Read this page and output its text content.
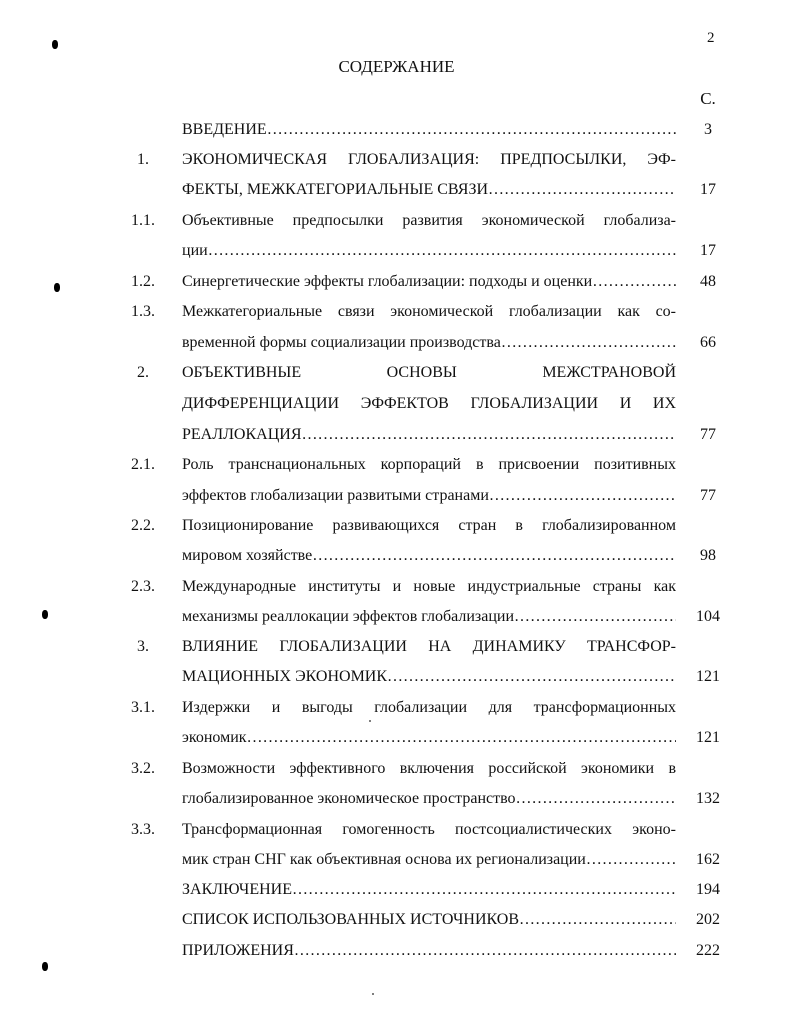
2
СОДЕРЖАНИЕ
С.
ВВЕДЕНИЕ …………………………………………………………………………………………………………………………………………………	3
1.	ЭКОНОМИЧЕСКАЯ ГЛОБАЛИЗАЦИЯ: ПРЕДПОСЫЛКИ, ЭФ-
ФЕКТЫ, МЕЖКАТЕГОРИАЛЬНЫЕ СВЯЗИ …………………………………………………………………………………………………………………………………………………	17
1.1.	Объективные предпосылки развития экономической глобализа-
ции …………………………………………………………………………………………………………………………………………………	17
1.2.	Синергетические эффекты глобализации: подходы и оценки …………………………………………………………………………………………………………………………………………………	48
1.3.	Межкатегориальные связи экономической глобализации как со-
временной формы социализации производства …………………………………………………………………………………………………………………………………………………	66
2.	ОБЪЕКТИВНЫЕ ОСНОВЫ МЕЖСТРАНОВОЙ
ДИФФЕРЕНЦИАЦИИ ЭФФЕКТОВ ГЛОБАЛИЗАЦИИ И ИХ
РЕАЛЛОКАЦИЯ …………………………………………………………………………………………………………………………………………………	77
2.1.	Роль транснациональных корпораций в присвоении позитивных
эффектов глобализации развитыми странами …………………………………………………………………………………………………………………………………………………	77
2.2.	Позиционирование развивающихся стран в глобализированном
мировом хозяйстве …………………………………………………………………………………………………………………………………………………	98
2.3.	Международные институты и новые индустриальные страны как
механизмы реаллокации эффектов глобализации …………………………………………………………………………………………………………………………………………………	104
3.	ВЛИЯНИЕ ГЛОБАЛИЗАЦИИ НА ДИНАМИКУ ТРАНСФОР-
МАЦИОННЫХ ЭКОНОМИК …………………………………………………………………………………………………………………………………………………	121
3.1.	Издержки и выгоды глобализации для трансформационных
экономик …………………………………………………………………………………………………………………………………………………	121
3.2.	Возможности эффективного включения российской экономики в
глобализированное экономическое пространство …………………………………………………………………………………………………………………………………………………	132
3.3.	Трансформационная гомогенность постсоциалистических эконо-
мик стран СНГ как объективная основа их регионализации …………………………………………………………………………………………………………………………………………………	162
ЗАКЛЮЧЕНИЕ …………………………………………………………………………………………………………………………………………………	194
СПИСОК ИСПОЛЬЗОВАННЫХ ИСТОЧНИКОВ …………………………………………………………………………………………………………………………………………………	202
ПРИЛОЖЕНИЯ …………………………………………………………………………………………………………………………………………………	222
